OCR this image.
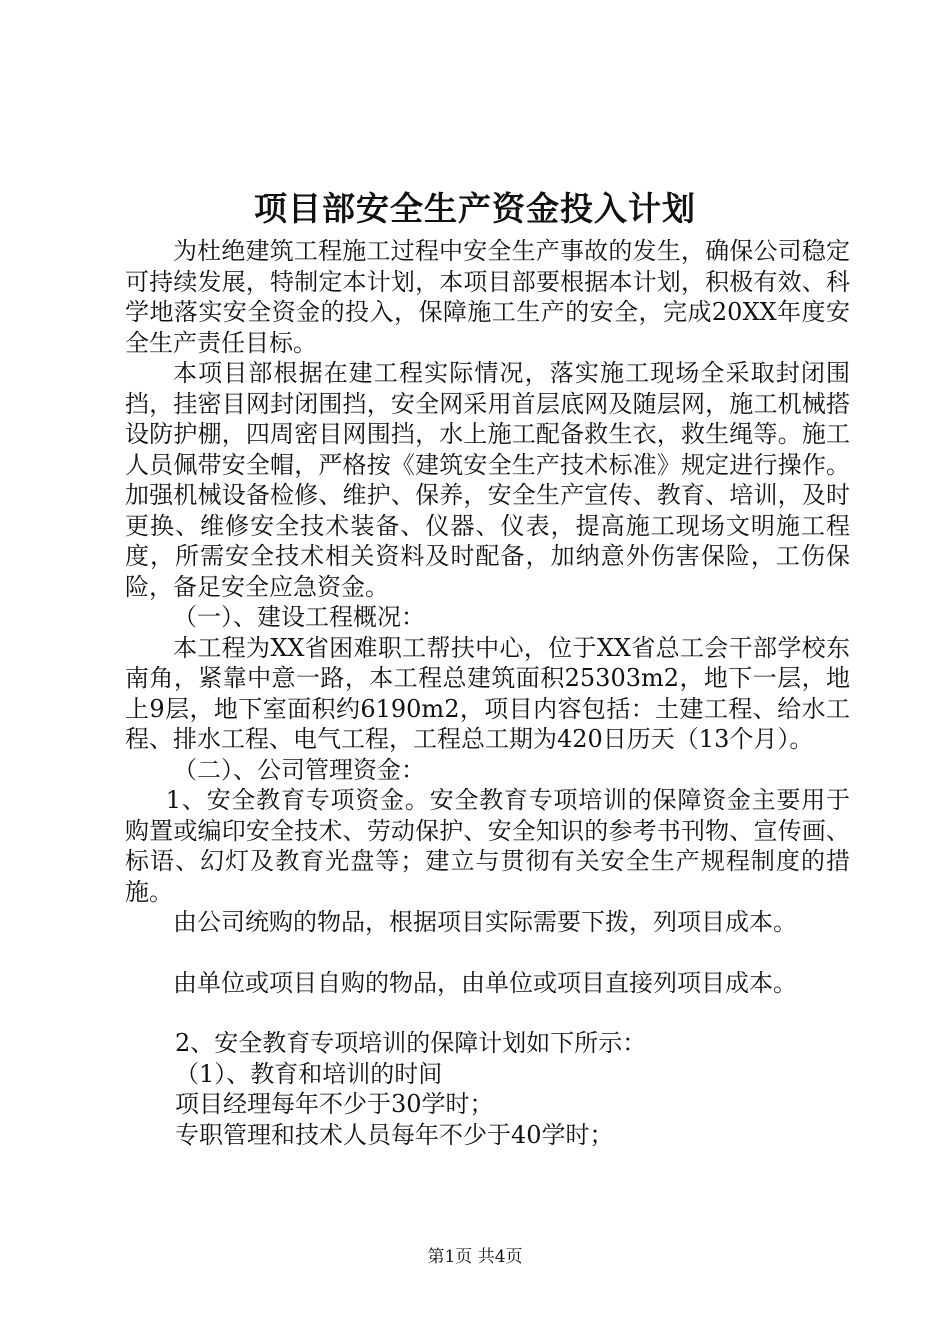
项目部安全生产资金投入计划

为杜绝建筑工程施工过程中安全生产事故的发生，确保公司稳定可持续发展，特制定本计划，本项目部要根据本计划，积极有效、科学地落实安全资金的投入，保障施工生产的安全，完成20XX年度安全生产责任目标。

本项目部根据在建工程实际情况，落实施工现场全采取封闭围挡，挂密目网封闭围挡，安全网采用首层底网及随层网，施工机械搭设防护棚，四周密目网围挡，水上施工配备救生衣，救生绳等。施工人员佩带安全帽，严格按《建筑安全生产技术标准》规定进行操作。加强机械设备检修、维护、保养，安全生产宣传、教育、培训，及时更换、维修安全技术装备、仪器、仪表，提高施工现场文明施工程度，所需安全技术相关资料及时配备，加纳意外伤害保险，工伤保险，备足安全应急资金。

（一）、建设工程概况：

本工程为XX省困难职工帮扶中心，位于XX省总工会干部学校东南角，紧靠中意一路，本工程总建筑面积25303m2，地下一层，地上9层，地下室面积约6190m2，项目内容包括：土建工程、给水工程、排水工程、电气工程，工程总工期为420日历天（13个月）。

（二）、公司管理资金：

1、安全教育专项资金。安全教育专项培训的保障资金主要用于购置或编印安全技术、劳动保护、安全知识的参考书刊物、宣传画、标语、幻灯及教育光盘等；建立与贯彻有关安全生产规程制度的措施。

由公司统购的物品，根据项目实际需要下拨，列项目成本。

由单位或项目自购的物品，由单位或项目直接列项目成本。

2、安全教育专项培训的保障计划如下所示：

（1）、教育和培训的时间

项目经理每年不少于30学时；

专职管理和技术人员每年不少于40学时；

第1页 共4页
